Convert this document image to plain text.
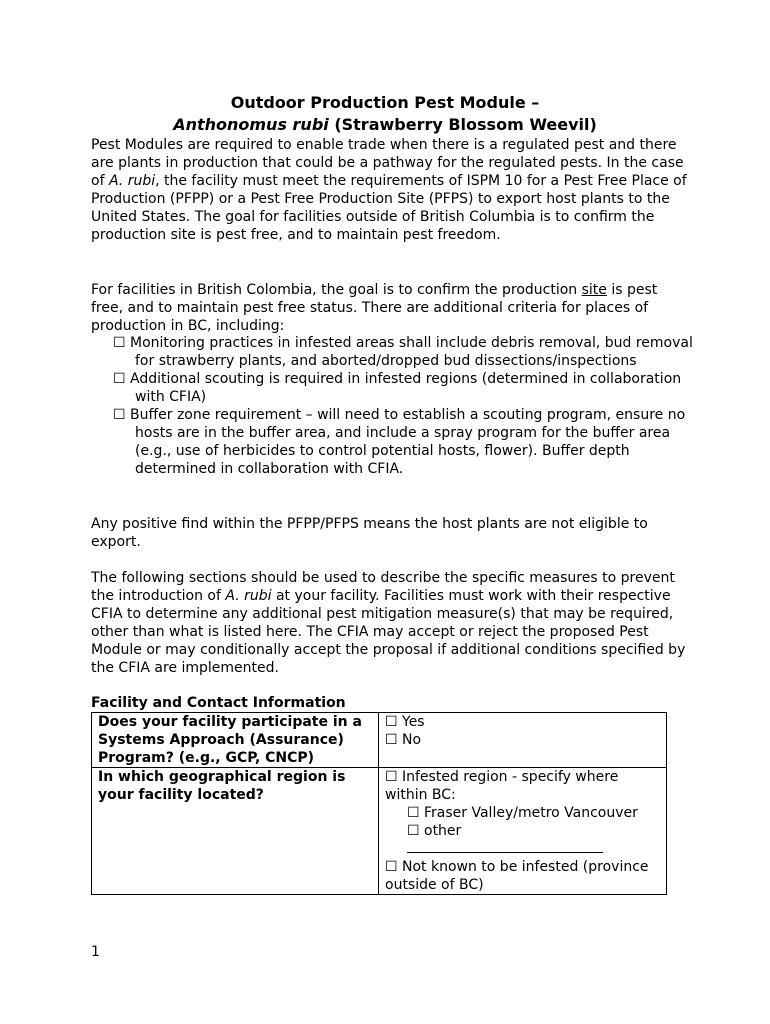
Outdoor Production Pest Module –
Anthonomus rubi (Strawberry Blossom Weevil)
Pest Modules are required to enable trade when there is a regulated pest and there are plants in production that could be a pathway for the regulated pests. In the case of A. rubi, the facility must meet the requirements of ISPM 10 for a Pest Free Place of Production (PFPP) or a Pest Free Production Site (PFPS) to export host plants to the United States. The goal for facilities outside of British Columbia is to confirm the production site is pest free, and to maintain pest freedom.
For facilities in British Colombia, the goal is to confirm the production site is pest free, and to maintain pest free status. There are additional criteria for places of production in BC, including:
☐ Monitoring practices in infested areas shall include debris removal, bud removal for strawberry plants, and aborted/dropped bud dissections/inspections
☐ Additional scouting is required in infested regions (determined in collaboration with CFIA)
☐ Buffer zone requirement – will need to establish a scouting program, ensure no hosts are in the buffer area, and include a spray program for the buffer area (e.g., use of herbicides to control potential hosts, flower). Buffer depth determined in collaboration with CFIA.
Any positive find within the PFPP/PFPS means the host plants are not eligible to export.
The following sections should be used to describe the specific measures to prevent the introduction of A. rubi at your facility. Facilities must work with their respective CFIA to determine any additional pest mitigation measure(s) that may be required, other than what is listed here. The CFIA may accept or reject the proposed Pest Module or may conditionally accept the proposal if additional conditions specified by the CFIA are implemented.
Facility and Contact Information
Does your facility participate in a Systems Approach (Assurance) Program? (e.g., GCP, CNCP)	☐ Yes
☐ No

In which geographical region is your facility located?	☐ Infested region - specify where within BC:
☐ Fraser Valley/metro Vancouver
☐ other
☐ Not known to be infested (province outside of BC)
1
